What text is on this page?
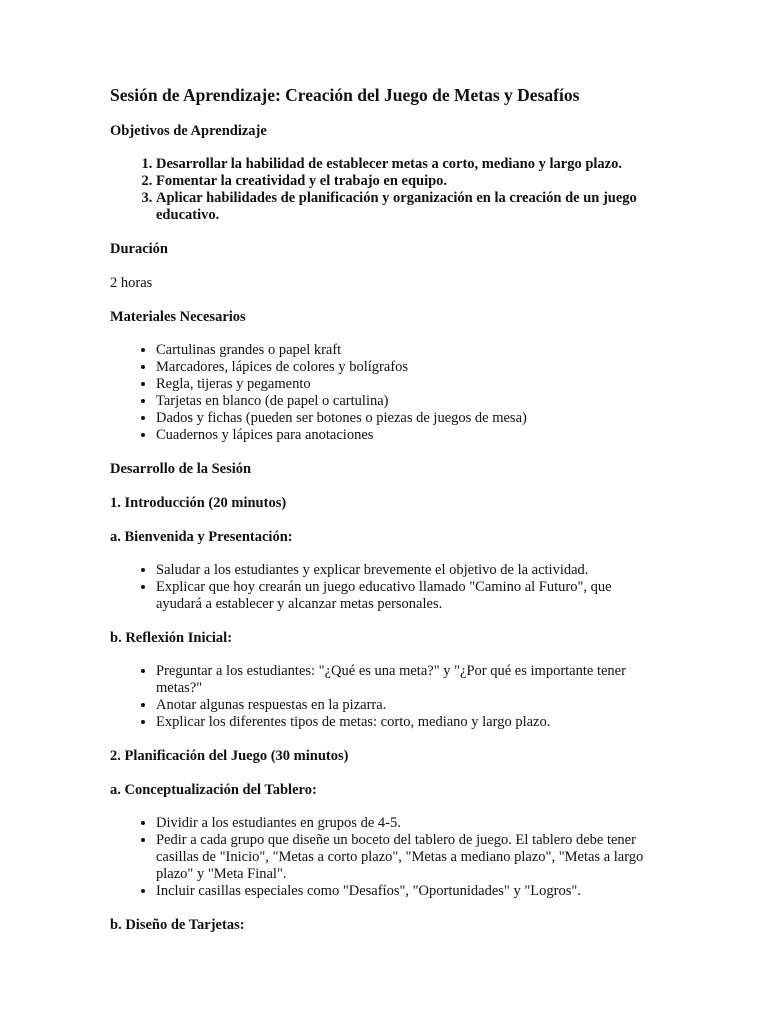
Sesión de Aprendizaje: Creación del Juego de Metas y Desafíos
Objetivos de Aprendizaje
1. Desarrollar la habilidad de establecer metas a corto, mediano y largo plazo.
2. Fomentar la creatividad y el trabajo en equipo.
3. Aplicar habilidades de planificación y organización en la creación de un juego educativo.
Duración

2 horas

Materiales Necesarios
• Cartulinas grandes o papel kraft
• Marcadores, lápices de colores y bolígrafos
• Regla, tijeras y pegamento
• Tarjetas en blanco (de papel o cartulina)
• Dados y fichas (pueden ser botones o piezas de juegos de mesa)
• Cuadernos y lápices para anotaciones
Desarrollo de la Sesión
1. Introducción (20 minutos)
a. Bienvenida y Presentación:
• Saludar a los estudiantes y explicar brevemente el objetivo de la actividad.
• Explicar que hoy crearán un juego educativo llamado "Camino al Futuro", que ayudará a establecer y alcanzar metas personales.
b. Reflexión Inicial:
• Preguntar a los estudiantes: "¿Qué es una meta?" y "¿Por qué es importante tener metas?"
• Anotar algunas respuestas en la pizarra.
• Explicar los diferentes tipos de metas: corto, mediano y largo plazo.
2. Planificación del Juego (30 minutos)
a. Conceptualización del Tablero:
• Dividir a los estudiantes en grupos de 4-5.
• Pedir a cada grupo que diseñe un boceto del tablero de juego. El tablero debe tener casillas de "Inicio", "Metas a corto plazo", "Metas a mediano plazo", "Metas a largo plazo" y "Meta Final".
• Incluir casillas especiales como "Desafíos", "Oportunidades" y "Logros".
b. Diseño de Tarjetas:
